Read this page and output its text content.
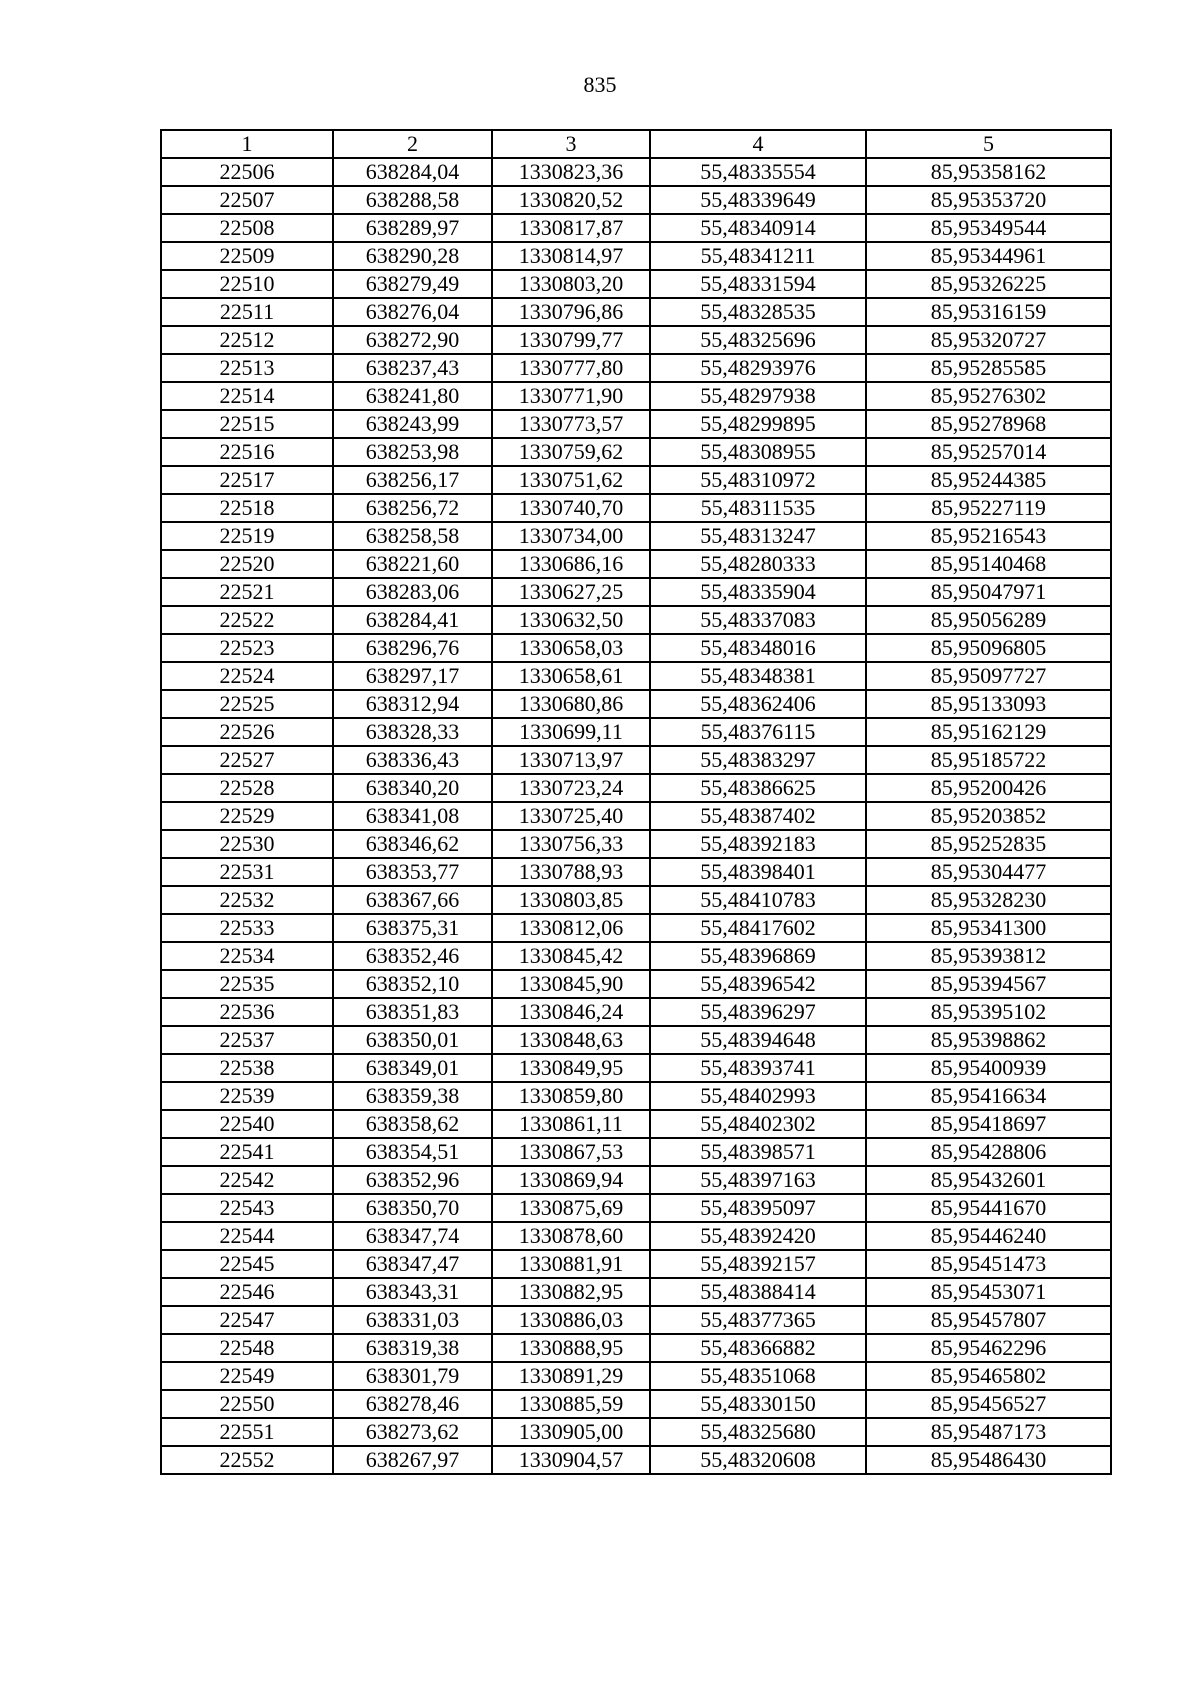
835
1	2	3	4	5
22506	638284,04	1330823,36	55,48335554	85,95358162
22507	638288,58	1330820,52	55,48339649	85,95353720
22508	638289,97	1330817,87	55,48340914	85,95349544
22509	638290,28	1330814,97	55,48341211	85,95344961
22510	638279,49	1330803,20	55,48331594	85,95326225
22511	638276,04	1330796,86	55,48328535	85,95316159
22512	638272,90	1330799,77	55,48325696	85,95320727
22513	638237,43	1330777,80	55,48293976	85,95285585
22514	638241,80	1330771,90	55,48297938	85,95276302
22515	638243,99	1330773,57	55,48299895	85,95278968
22516	638253,98	1330759,62	55,48308955	85,95257014
22517	638256,17	1330751,62	55,48310972	85,95244385
22518	638256,72	1330740,70	55,48311535	85,95227119
22519	638258,58	1330734,00	55,48313247	85,95216543
22520	638221,60	1330686,16	55,48280333	85,95140468
22521	638283,06	1330627,25	55,48335904	85,95047971
22522	638284,41	1330632,50	55,48337083	85,95056289
22523	638296,76	1330658,03	55,48348016	85,95096805
22524	638297,17	1330658,61	55,48348381	85,95097727
22525	638312,94	1330680,86	55,48362406	85,95133093
22526	638328,33	1330699,11	55,48376115	85,95162129
22527	638336,43	1330713,97	55,48383297	85,95185722
22528	638340,20	1330723,24	55,48386625	85,95200426
22529	638341,08	1330725,40	55,48387402	85,95203852
22530	638346,62	1330756,33	55,48392183	85,95252835
22531	638353,77	1330788,93	55,48398401	85,95304477
22532	638367,66	1330803,85	55,48410783	85,95328230
22533	638375,31	1330812,06	55,48417602	85,95341300
22534	638352,46	1330845,42	55,48396869	85,95393812
22535	638352,10	1330845,90	55,48396542	85,95394567
22536	638351,83	1330846,24	55,48396297	85,95395102
22537	638350,01	1330848,63	55,48394648	85,95398862
22538	638349,01	1330849,95	55,48393741	85,95400939
22539	638359,38	1330859,80	55,48402993	85,95416634
22540	638358,62	1330861,11	55,48402302	85,95418697
22541	638354,51	1330867,53	55,48398571	85,95428806
22542	638352,96	1330869,94	55,48397163	85,95432601
22543	638350,70	1330875,69	55,48395097	85,95441670
22544	638347,74	1330878,60	55,48392420	85,95446240
22545	638347,47	1330881,91	55,48392157	85,95451473
22546	638343,31	1330882,95	55,48388414	85,95453071
22547	638331,03	1330886,03	55,48377365	85,95457807
22548	638319,38	1330888,95	55,48366882	85,95462296
22549	638301,79	1330891,29	55,48351068	85,95465802
22550	638278,46	1330885,59	55,48330150	85,95456527
22551	638273,62	1330905,00	55,48325680	85,95487173
22552	638267,97	1330904,57	55,48320608	85,95486430
